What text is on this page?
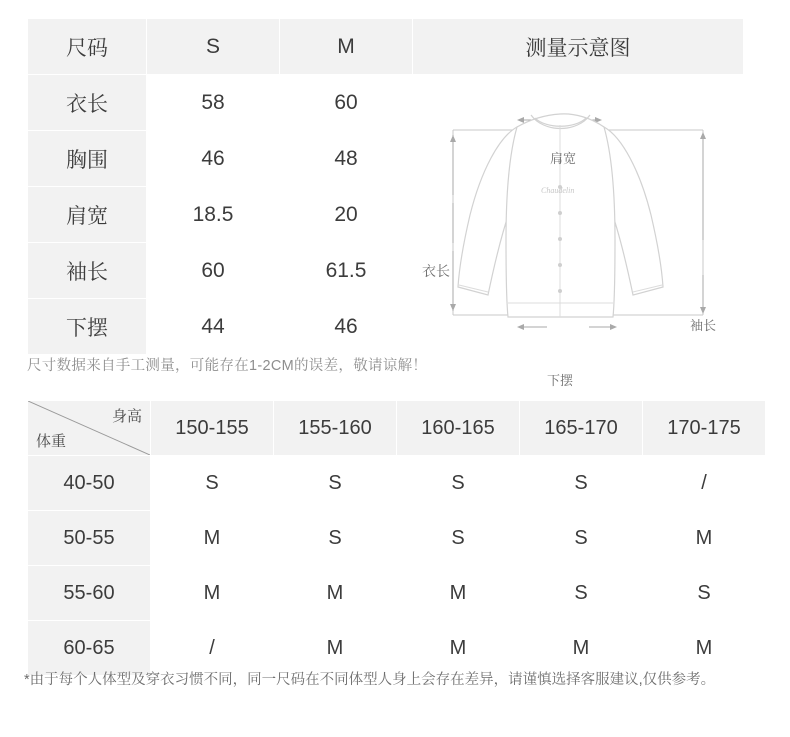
尺码	S	M	测量示意图
衣长	58	60	Chaudelin
肩宽
衣长
袖长
下摆

胸围	46	48	
肩宽	18.5	20	
袖长	60	61.5	
下摆	44	46	
尺寸数据来自手工测量，可能存在1-2CM的误差，敬请谅解！
身高
体重	150-155	155-160	160-165	165-170	170-175
40-50	S	S	S	S	/
50-55	M	S	S	S	M
55-60	M	M	M	S	S
60-65	/	M	M	M	M
*由于每个人体型及穿衣习惯不同，同一尺码在不同体型人身上会存在差异，请谨慎选择客服建议,仅供参考。
